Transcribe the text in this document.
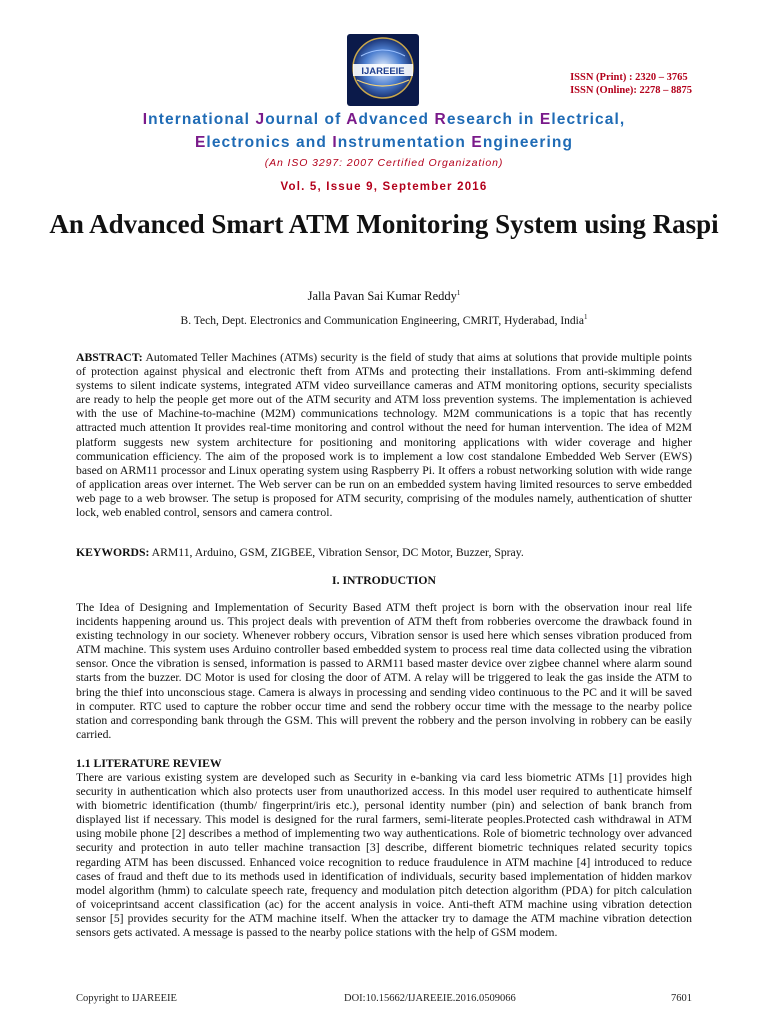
IJAREEIE
ISSN (Print) : 2320 – 3765
ISSN (Online): 2278 – 8875
International Journal of Advanced Research in Electrical,
Electronics and Instrumentation Engineering
(An ISO 3297: 2007 Certified Organization)
Vol. 5, Issue 9, September 2016
An Advanced Smart ATM Monitoring System using Raspi
Jalla Pavan Sai Kumar Reddy$^1$
B. Tech, Dept. Electronics and Communication Engineering, CMRIT, Hyderabad, India$^1$
ABSTRACT: Automated Teller Machines (ATMs) security is the field of study that aims at solutions that provide multiple points of protection against physical and electronic theft from ATMs and protecting their installations. From anti-skimming defend systems to silent indicate systems, integrated ATM video surveillance cameras and ATM monitoring options, security specialists are ready to help the people get more out of the ATM security and ATM loss prevention systems. The implementation is achieved with the use of Machine-to-machine (M2M) communications technology. M2M communications is a topic that has recently attracted much attention It provides real-time monitoring and control without the need for human intervention. The idea of M2M platform suggests new system architecture for positioning and monitoring applications with wider coverage and higher communication efficiency. The aim of the proposed work is to implement a low cost standalone Embedded Web Server (EWS) based on ARM11 processor and Linux operating system using Raspberry Pi. It offers a robust networking solution with wide range of application areas over internet. The Web server can be run on an embedded system having limited resources to serve embedded web page to a web browser. The setup is proposed for ATM security, comprising of the modules namely, authentication of shutter lock, web enabled control, sensors and camera control.
KEYWORDS: ARM11, Arduino, GSM, ZIGBEE, Vibration Sensor, DC Motor, Buzzer, Spray.
I. INTRODUCTION
The Idea of Designing and Implementation of Security Based ATM theft project is born with the observation inour real life incidents happening around us. This project deals with prevention of ATM theft from robberies overcome the drawback found in existing technology in our society. Whenever robbery occurs, Vibration sensor is used here which senses vibration produced from ATM machine. This system uses Arduino controller based embedded system to process real time data collected using the vibration sensor. Once the vibration is sensed, information is passed to ARM11 based master device over zigbee channel where alarm sound starts from the buzzer. DC Motor is used for closing the door of ATM. A relay will be triggered to leak the gas inside the ATM to bring the thief into unconscious stage. Camera is always in processing and sending video continuous to the PC and it will be saved in computer. RTC used to capture the robber occur time and send the robbery occur time with the message to the nearby police station and corresponding bank through the GSM. This will prevent the robbery and the person involving in robbery can be easily carried.
1.1 LITERATURE REVIEW
There are various existing system are developed such as Security in e-banking via card less biometric ATMs [1] provides high security in authentication which also protects user from unauthorized access. In this model user required to authenticate himself with biometric identification (thumb/ fingerprint/iris etc.), personal identity number (pin) and selection of bank branch from displayed list if necessary. This model is designed for the rural farmers, semi-literate peoples.Protected cash withdrawal in ATM using mobile phone [2] describes a method of implementing two way authentications. Role of biometric technology over advanced security and protection in auto teller machine transaction [3] describe, different biometric techniques related security topics regarding ATM has been discussed. Enhanced voice recognition to reduce fraudulence in ATM machine [4] introduced to reduce cases of fraud and theft due to its methods used in identification of individuals, security based implementation of hidden markov model algorithm (hmm) to calculate speech rate, frequency and modulation pitch detection algorithm (PDA) for pitch calculation of voiceprintsand accent classification (ac) for the accent analysis in voice. Anti-theft ATM machine using vibration detection sensor [5] provides security for the ATM machine itself. When the attacker try to damage the ATM machine vibration detection sensors gets activated. A message is passed to the nearby police stations with the help of GSM modem.
Copyright to IJAREEIE	DOI:10.15662/IJAREEIE.2016.0509066	7601
